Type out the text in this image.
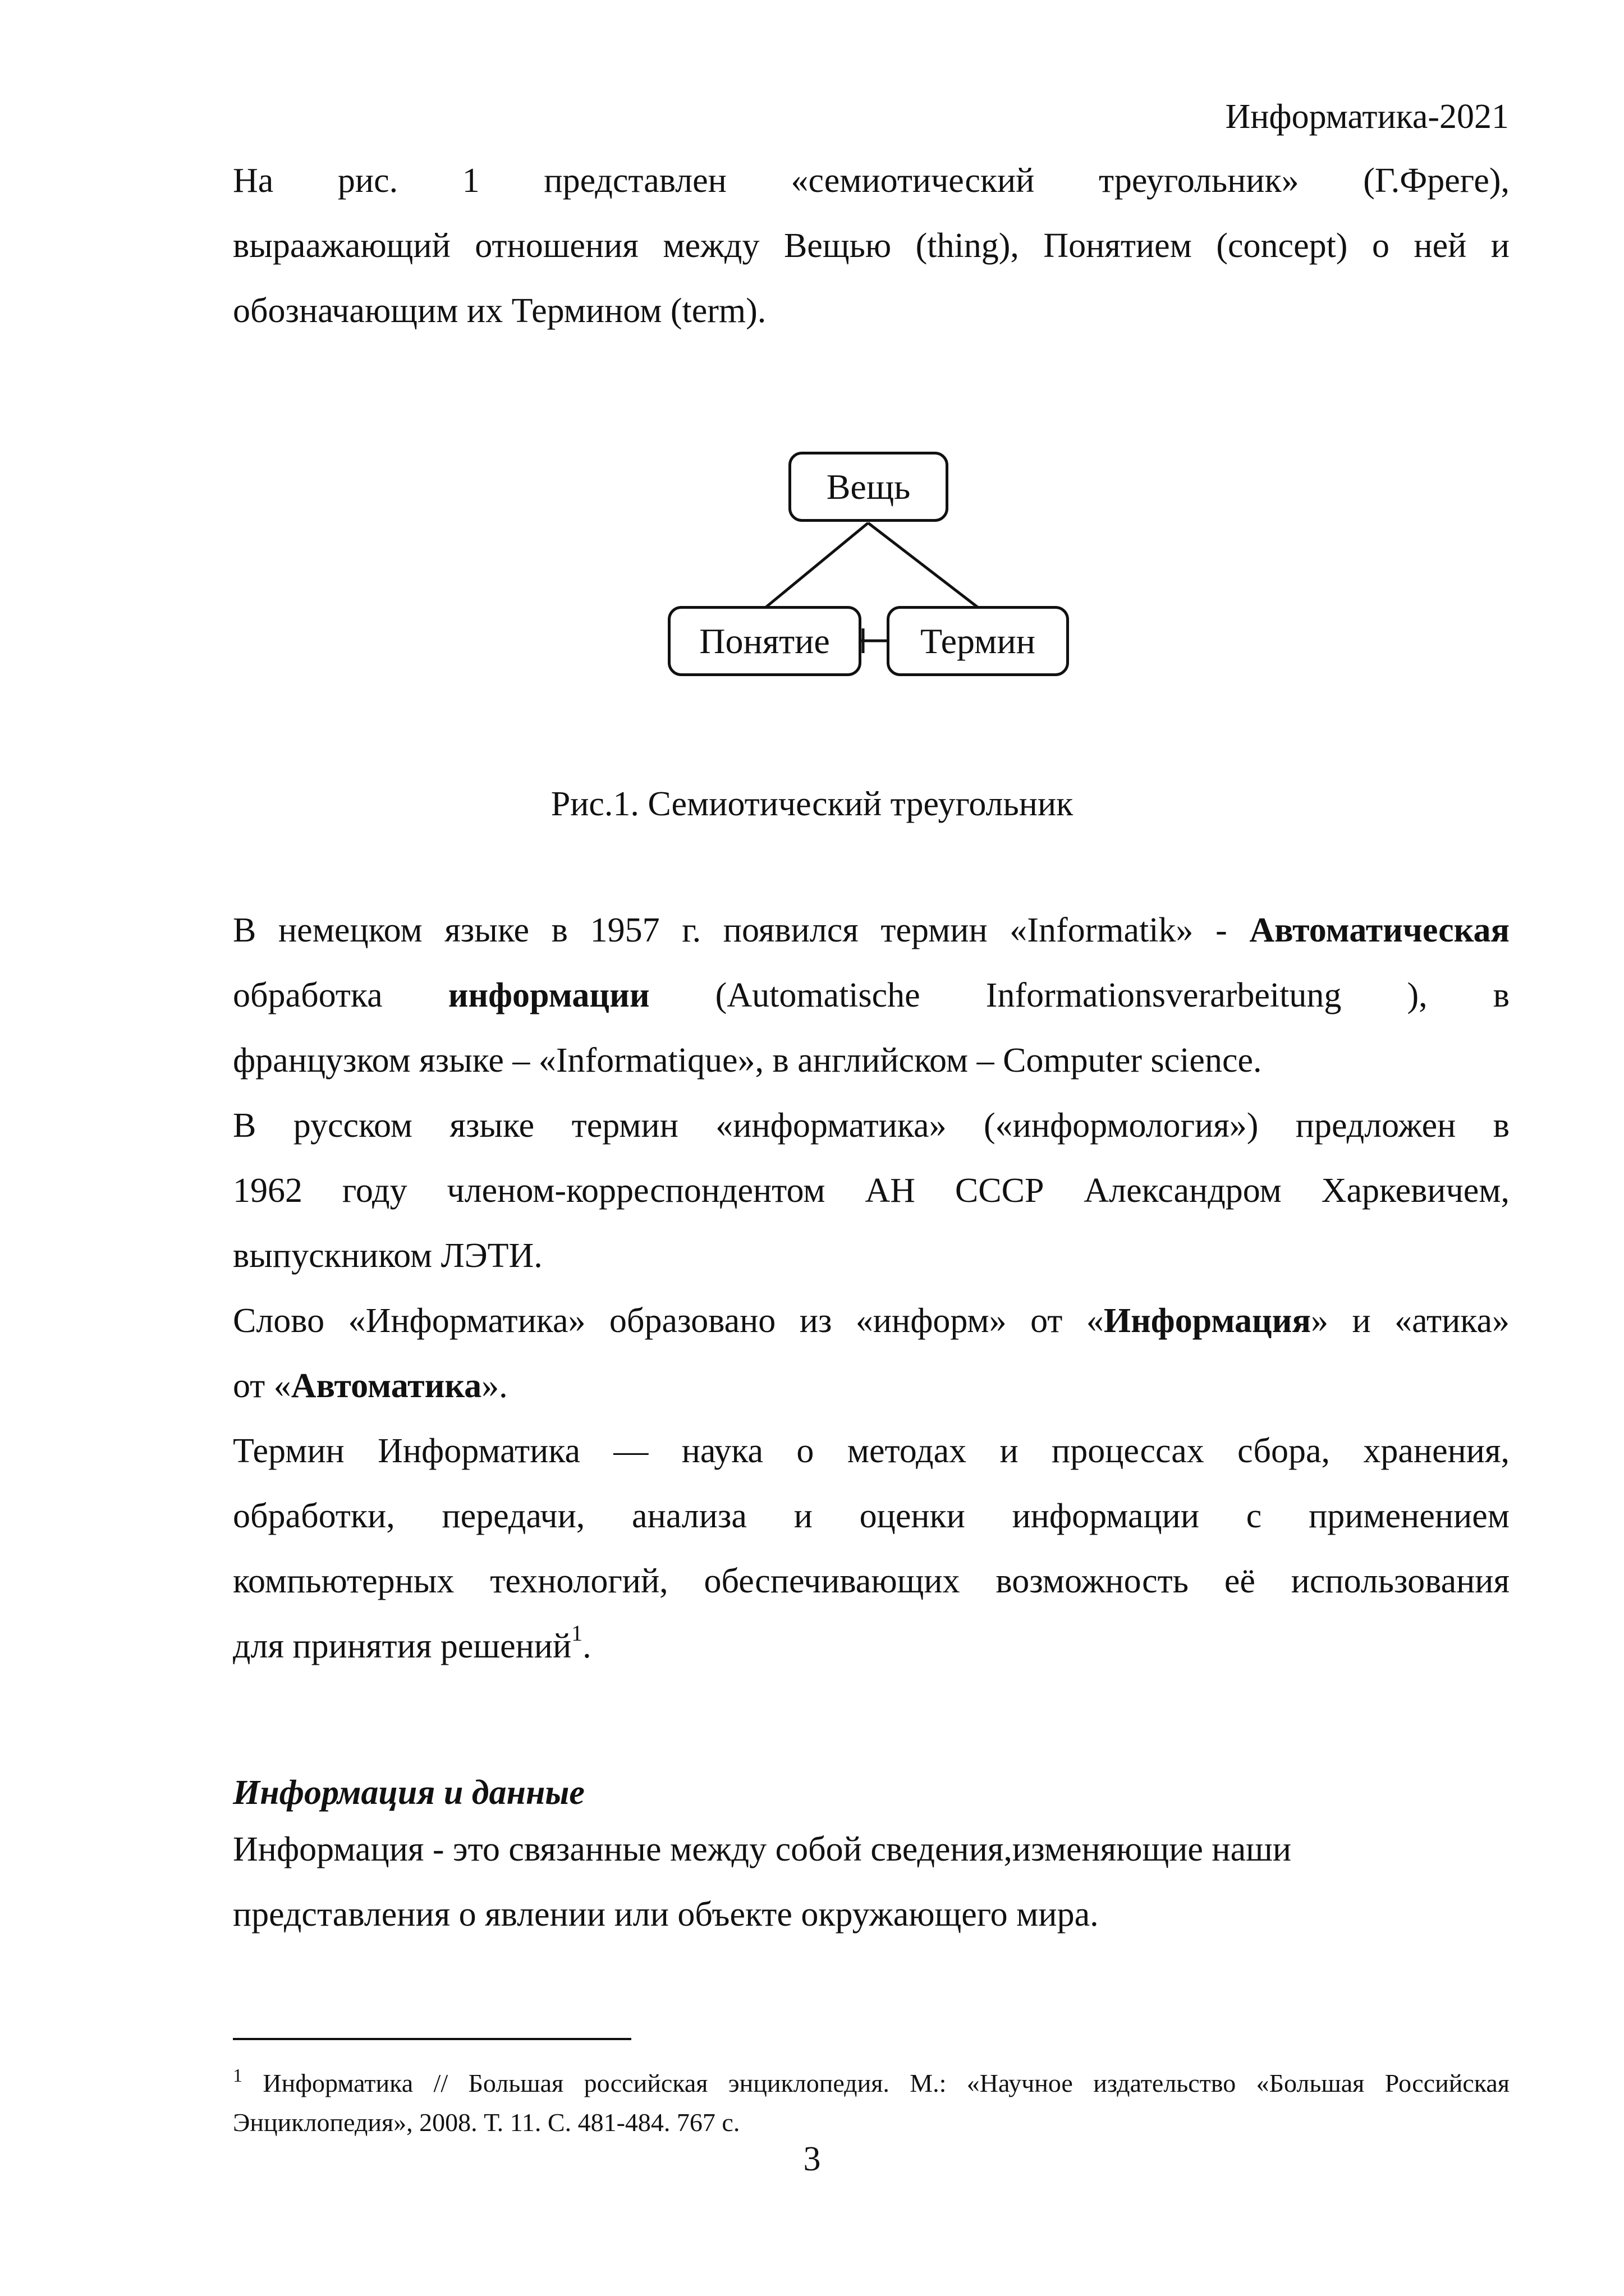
Информатика-2021
На рис. 1 представлен «семиотический треугольник» (Г.Фреге),
выраажающий отношения между Вещью (thing), Понятием (concept) о ней и
обозначающим их Термином (term).
Вещь
Понятие	Термин
Рис.1. Семиотический треугольник
В немецком языке в 1957 г. появился термин «Informatik» - Автоматическая
обработка информации (Automatische Informationsverarbeitung ), в
французком языке – «Informatique», в английском – Computer science.
В русском языке термин «информатика» («информология») предложен в
1962 году членом-корреспондентом АН СССР Александром Харкевичем,
выпускником ЛЭТИ.
Слово «Информатика» образовано из «информ» от «Информация» и «атика»
от «Автоматика».
Термин Информатика — наука о методах и процессах сбора, хранения,
обработки, передачи, анализа и оценки информации с применением
компьютерных технологий, обеспечивающих возможность её использования
для принятия решений$^1$.
Информация и данные
Информация - это связанные между собой сведения,изменяющие наши
представления о явлении или объекте окружающего мира.
$^1$ Информатика // Большая российская энциклопедия. М.: «Научное издательство «Большая Российская
Энциклопедия», 2008. Т. 11. С. 481-484. 767 с.
3
